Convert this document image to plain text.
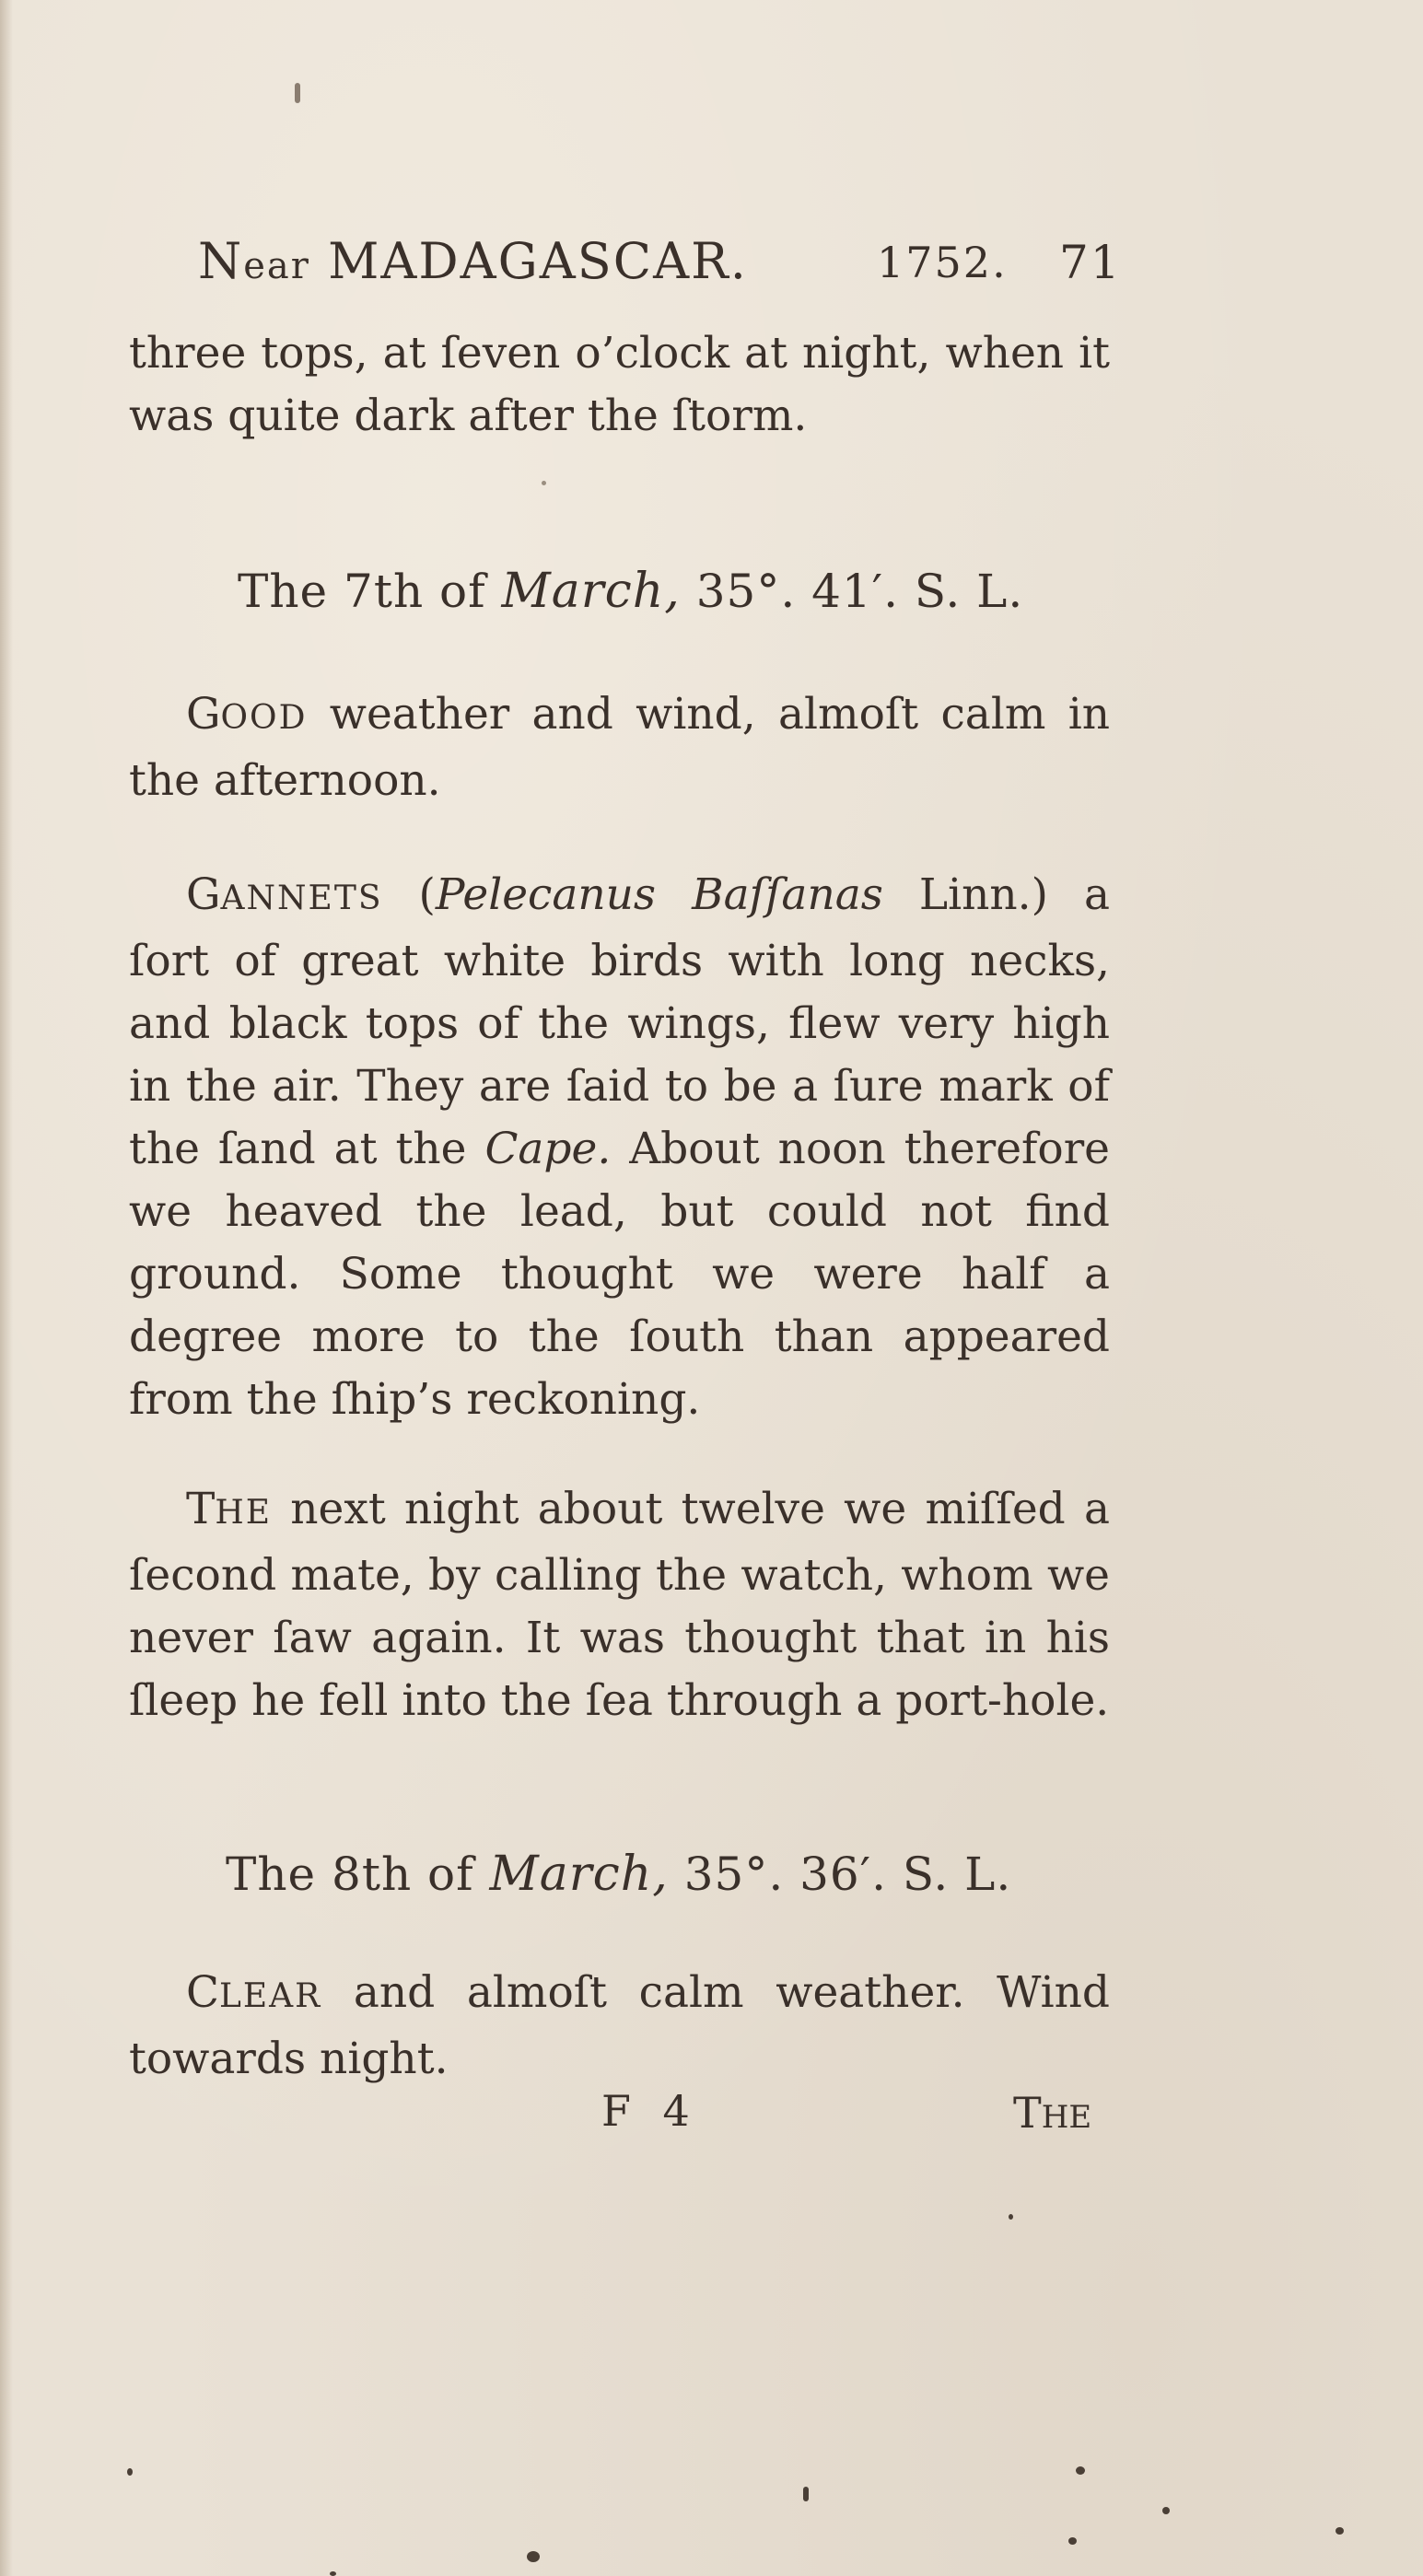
Near MADAGASCAR.	1752. 71

three tops, at ſeven o’clock at night, when it

was quite dark after the ſtorm.

The 7th of March, 35°. 41′. S. L.

GOOD weather and wind, almoſt calm in the afternoon.

GANNETS (Pelecanus Baſſanas Linn.) a ſort of great white birds with long necks, and black tops of the wings, flew very high in the air. They are ſaid to be a ſure mark of the ſand at the Cape. About noon therefore we heaved the lead, but could not find ground. Some thought we were half a degree more to the ſouth than appeared from the ſhip’s reckoning.

THE next night about twelve we miſſed a ſecond mate, by calling the watch, whom we never ſaw again. It was thought that in his ſleep he fell into the ſea through a port-hole.

The 8th of March, 35°. 36′. S. L.

CLEAR and almoſt calm weather. Wind towards night.

F 4	THE
